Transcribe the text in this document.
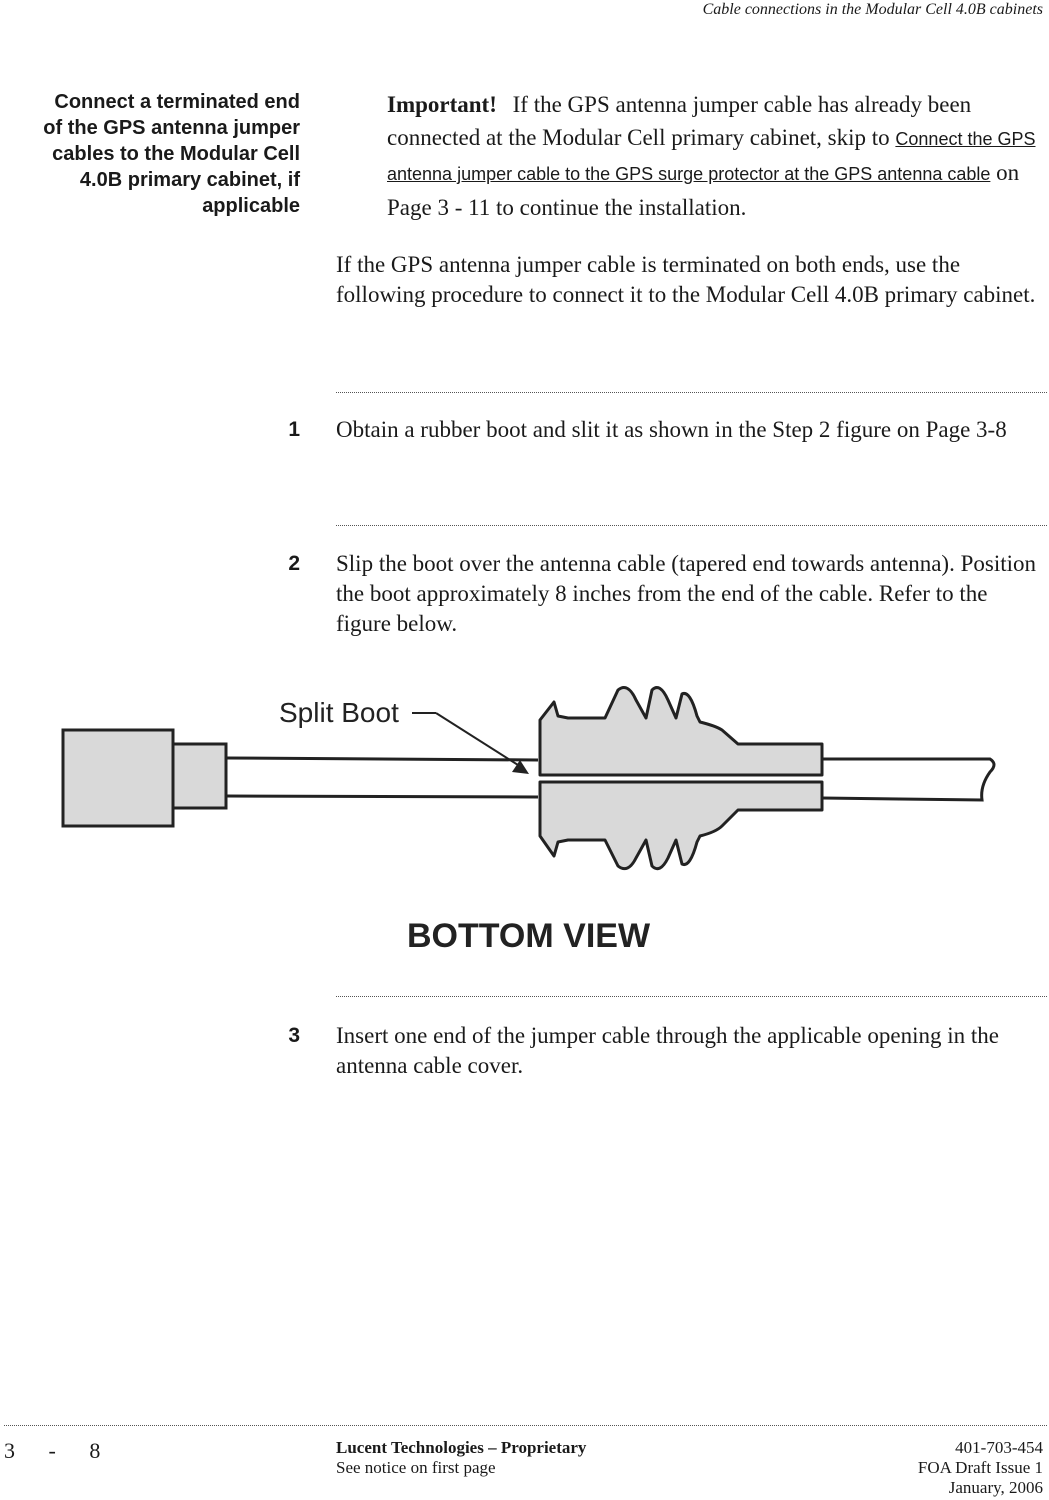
Cable connections in the Modular Cell 4.0B cabinets
Connect a terminated end
of the GPS antenna jumper
cables to the Modular Cell
4.0B primary cabinet, if
applicable
Important! If the GPS antenna jumper cable has already been connected at the Modular Cell primary cabinet, skip to Connect the GPS antenna jumper cable to the GPS surge protector at the GPS antenna cable on Page 3 - 11 to continue the installation.
If the GPS antenna jumper cable is terminated on both ends, use the following procedure to connect it to the Modular Cell 4.0B primary cabinet.
1 Obtain a rubber boot and slit it as shown in the Step 2 figure on Page 3-8
2 Slip the boot over the antenna cable (tapered end towards antenna). Position the boot approximately 8 inches from the end of the cable. Refer to the figure below.
Split Boot
BOTTOM VIEW
3 Insert one end of the jumper cable through the applicable opening in the antenna cable cover.
3 - 8	Lucent Technologies – Proprietary
See notice on first page
401-703-454
FOA Draft Issue 1
January, 2006
